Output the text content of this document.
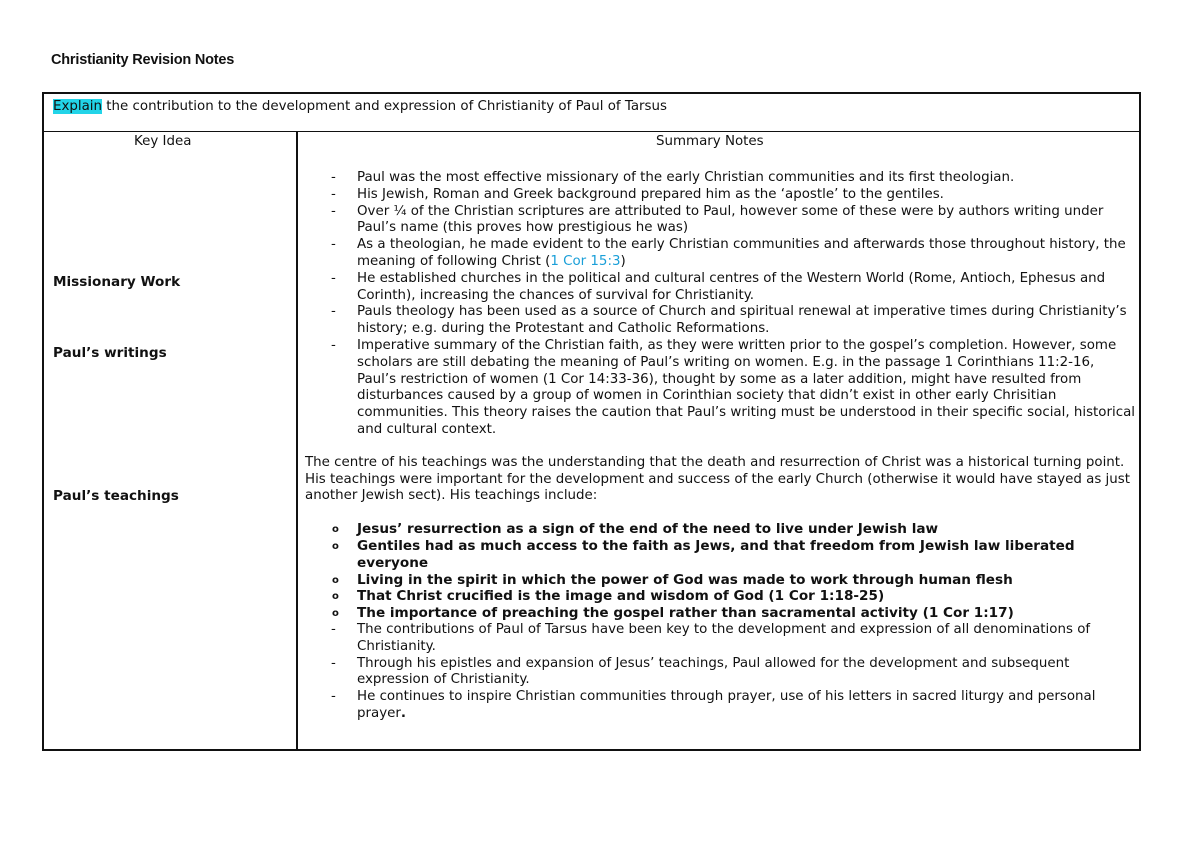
Christianity Revision Notes
Explain the contribution to the development and expression of Christianity of Paul of Tarsus
Key Idea	Summary Notes
Missionary Work
Paul’s writings
Paul’s teachings
- Paul was the most effective missionary of the early Christian communities and its first theologian.
- His Jewish, Roman and Greek background prepared him as the ‘apostle’ to the gentiles.
- Over ¼ of the Christian scriptures are attributed to Paul, however some of these were by authors writing under Paul’s name (this proves how prestigious he was)
- As a theologian, he made evident to the early Christian communities and afterwards those throughout history, the meaning of following Christ (1 Cor 15:3)
- He established churches in the political and cultural centres of the Western World (Rome, Antioch, Ephesus and Corinth), increasing the chances of survival for Christianity.
- Pauls theology has been used as a source of Church and spiritual renewal at imperative times during Christianity’s history; e.g. during the Protestant and Catholic Reformations.
- Imperative summary of the Christian faith, as they were written prior to the gospel’s completion. However, some scholars are still debating the meaning of Paul’s writing on women. E.g. in the passage 1 Corinthians 11:2-16, Paul’s restriction of women (1 Cor 14:33-36), thought by some as a later addition, might have resulted from disturbances caused by a group of women in Corinthian society that didn’t exist in other early Chrisitian communities. This theory raises the caution that Paul’s writing must be understood in their specific social, historical and cultural context.
The centre of his teachings was the understanding that the death and resurrection of Christ was a historical turning point. His teachings were important for the development and success of the early Church (otherwise it would have stayed as just another Jewish sect). His teachings include:
o Jesus’ resurrection as a sign of the end of the need to live under Jewish law
o Gentiles had as much access to the faith as Jews, and that freedom from Jewish law liberated everyone
o Living in the spirit in which the power of God was made to work through human flesh
o That Christ crucified is the image and wisdom of God (1 Cor 1:18-25)
o The importance of preaching the gospel rather than sacramental activity (1 Cor 1:17)
- The contributions of Paul of Tarsus have been key to the development and expression of all denominations of Christianity.
- Through his epistles and expansion of Jesus’ teachings, Paul allowed for the development and subsequent expression of Christianity.
- He continues to inspire Christian communities through prayer, use of his letters in sacred liturgy and personal prayer.
